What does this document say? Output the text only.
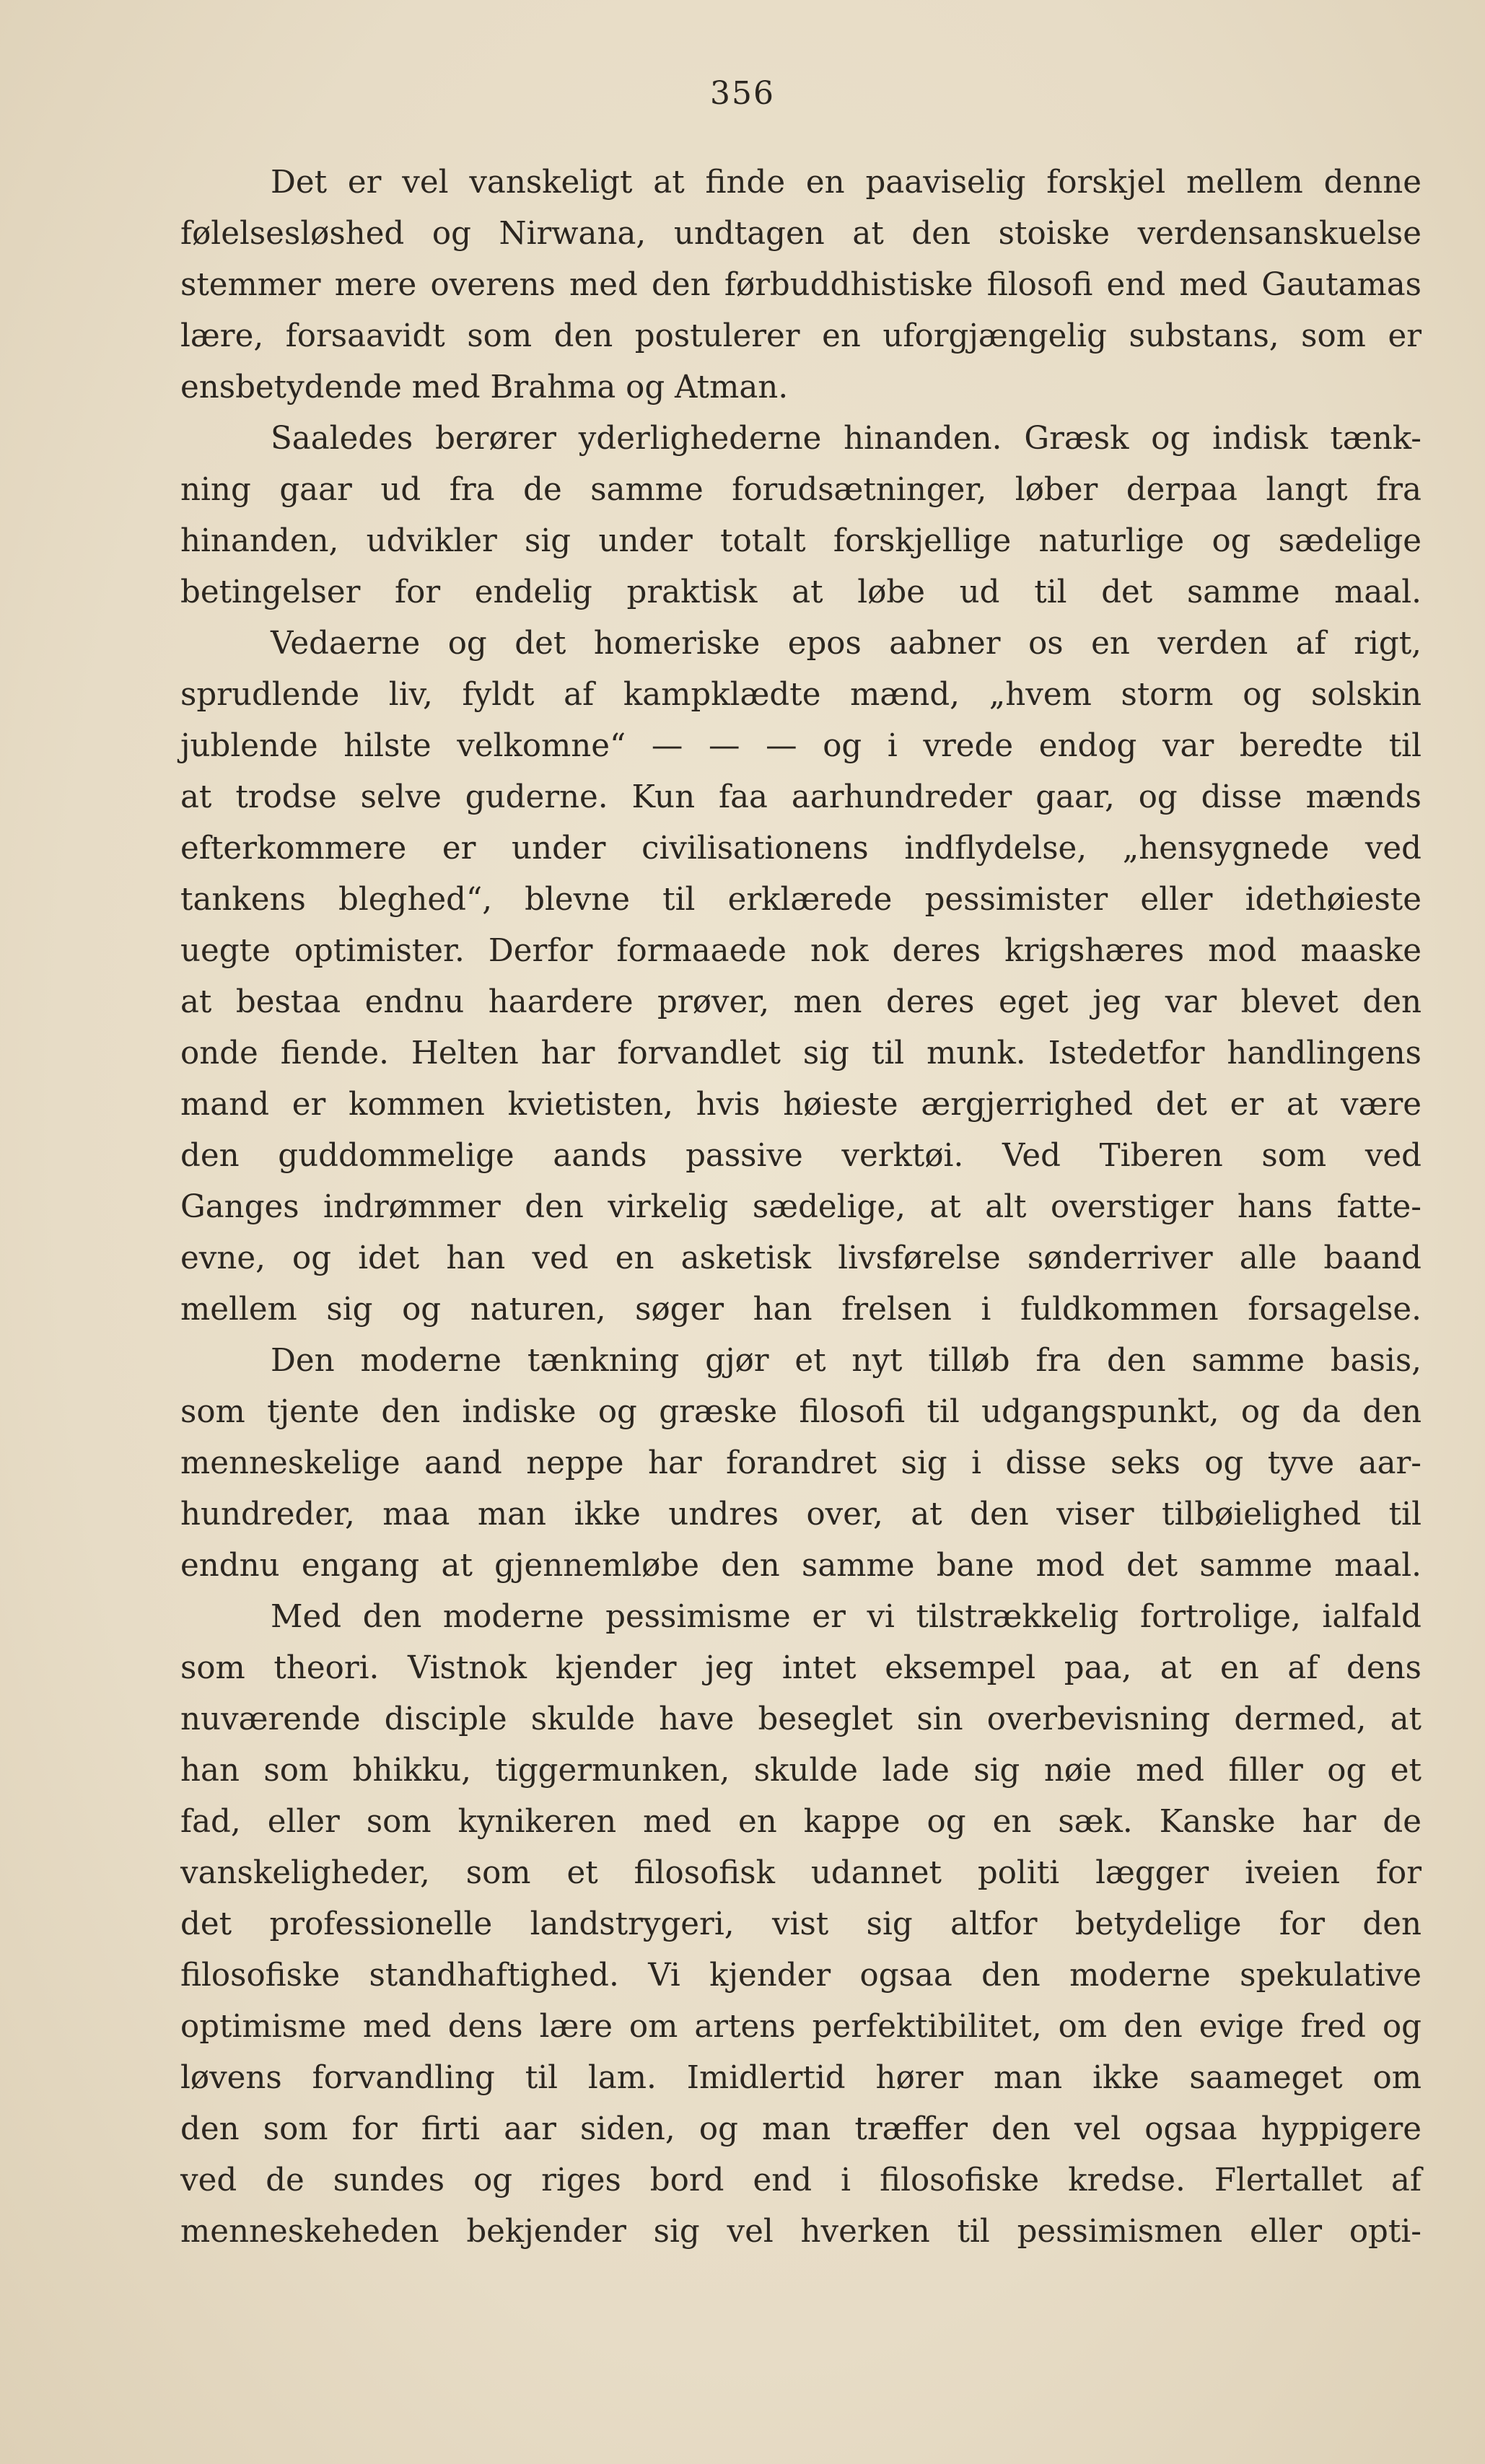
356
Det er vel vanskeligt at finde en paaviselig forskjel mellem denne
følelsesløshed og Nirwana, undtagen at den stoiske verdensanskuelse
stemmer mere overens med den førbuddhistiske filosofi end med Gautamas
lære, forsaavidt som den postulerer en uforgjængelig substans, som er
ensbetydende med Brahma og Atman.
Saaledes berører yderlighederne hinanden. Græsk og indisk tænk-
ning gaar ud fra de samme forudsætninger, løber derpaa langt fra
hinanden, udvikler sig under totalt forskjellige naturlige og sædelige
betingelser for endelig praktisk at løbe ud til det samme maal.
Vedaerne og det homeriske epos aabner os en verden af rigt,
sprudlende liv, fyldt af kampklædte mænd, „hvem storm og solskin
jublende hilste velkomne“ — — — og i vrede endog var beredte til
at trodse selve guderne. Kun faa aarhundreder gaar, og disse mænds
efterkommere er under civilisationens indflydelse, „hensygnede ved
tankens bleghed“, blevne til erklærede pessimister eller idethøieste
uegte optimister. Derfor formaaede nok deres krigshæres mod maaske
at bestaa endnu haardere prøver, men deres eget jeg var blevet den
onde fiende. Helten har forvandlet sig til munk. Istedetfor handlingens
mand er kommen kvietisten, hvis høieste ærgjerrighed det er at være
den guddommelige aands passive verktøi. Ved Tiberen som ved
Ganges indrømmer den virkelig sædelige, at alt overstiger hans fatte-
evne, og idet han ved en asketisk livsførelse sønderriver alle baand
mellem sig og naturen, søger han frelsen i fuldkommen forsagelse.
Den moderne tænkning gjør et nyt tilløb fra den samme basis,
som tjente den indiske og græske filosofi til udgangspunkt, og da den
menneskelige aand neppe har forandret sig i disse seks og tyve aar-
hundreder, maa man ikke undres over, at den viser tilbøielighed til
endnu engang at gjennemløbe den samme bane mod det samme maal.
Med den moderne pessimisme er vi tilstrækkelig fortrolige, ialfald
som theori. Vistnok kjender jeg intet eksempel paa, at en af dens
nuværende disciple skulde have beseglet sin overbevisning dermed, at
han som bhikku, tiggermunken, skulde lade sig nøie med filler og et
fad, eller som kynikeren med en kappe og en sæk. Kanske har de
vanskeligheder, som et filosofisk udannet politi lægger iveien for
det professionelle landstrygeri, vist sig altfor betydelige for den
filosofiske standhaftighed. Vi kjender ogsaa den moderne spekulative
optimisme med dens lære om artens perfektibilitet, om den evige fred og
løvens forvandling til lam. Imidlertid hører man ikke saameget om
den som for firti aar siden, og man træffer den vel ogsaa hyppigere
ved de sundes og riges bord end i filosofiske kredse. Flertallet af
menneskeheden bekjender sig vel hverken til pessimismen eller opti-
